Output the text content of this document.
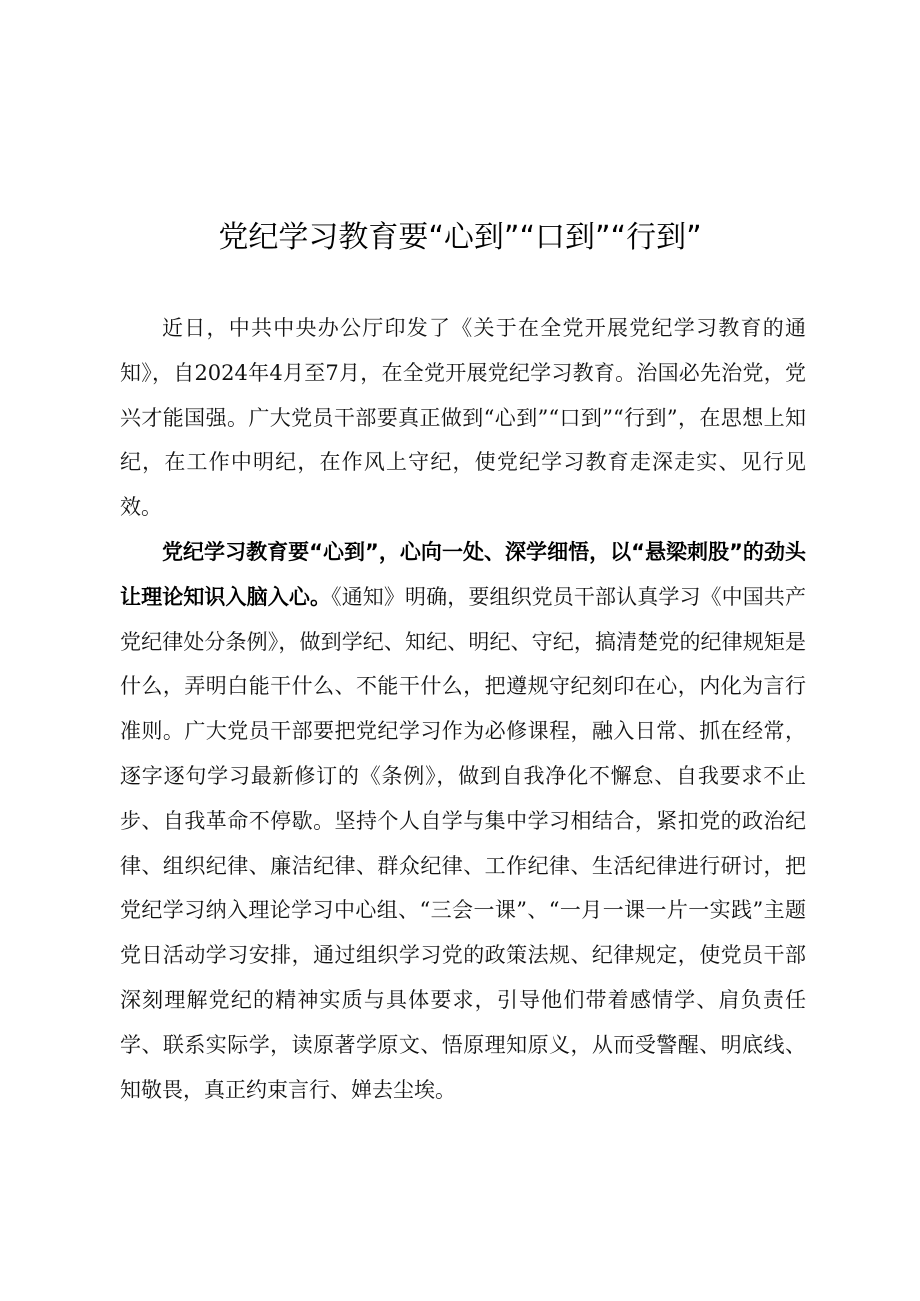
党纪学习教育要“心到”“口到”“行到”

近日，中共中央办公厅印发了《关于在全党开展党纪学习教育的通知》，自2024年4月至7月，在全党开展党纪学习教育。治国必先治党，党兴才能国强。广大党员干部要真正做到“心到”“口到”“行到”，在思想上知纪，在工作中明纪，在作风上守纪，使党纪学习教育走深走实、见行见效。

党纪学习教育要“心到”，心向一处、深学细悟，以“悬梁刺股”的劲头让理论知识入脑入心。《通知》明确，要组织党员干部认真学习《中国共产党纪律处分条例》，做到学纪、知纪、明纪、守纪，搞清楚党的纪律规矩是什么，弄明白能干什么、不能干什么，把遵规守纪刻印在心，内化为言行准则。广大党员干部要把党纪学习作为必修课程，融入日常、抓在经常，逐字逐句学习最新修订的《条例》，做到自我净化不懈怠、自我要求不止步、自我革命不停歇。坚持个人自学与集中学习相结合，紧扣党的政治纪律、组织纪律、廉洁纪律、群众纪律、工作纪律、生活纪律进行研讨，把党纪学习纳入理论学习中心组、“三会一课”、“一月一课一片一实践”主题党日活动学习安排，通过组织学习党的政策法规、纪律规定，使党员干部深刻理解党纪的精神实质与具体要求，引导他们带着感情学、肩负责任学、联系实际学，读原著学原文、悟原理知原义，从而受警醒、明底线、知敬畏，真正约束言行、婵去尘埃。
